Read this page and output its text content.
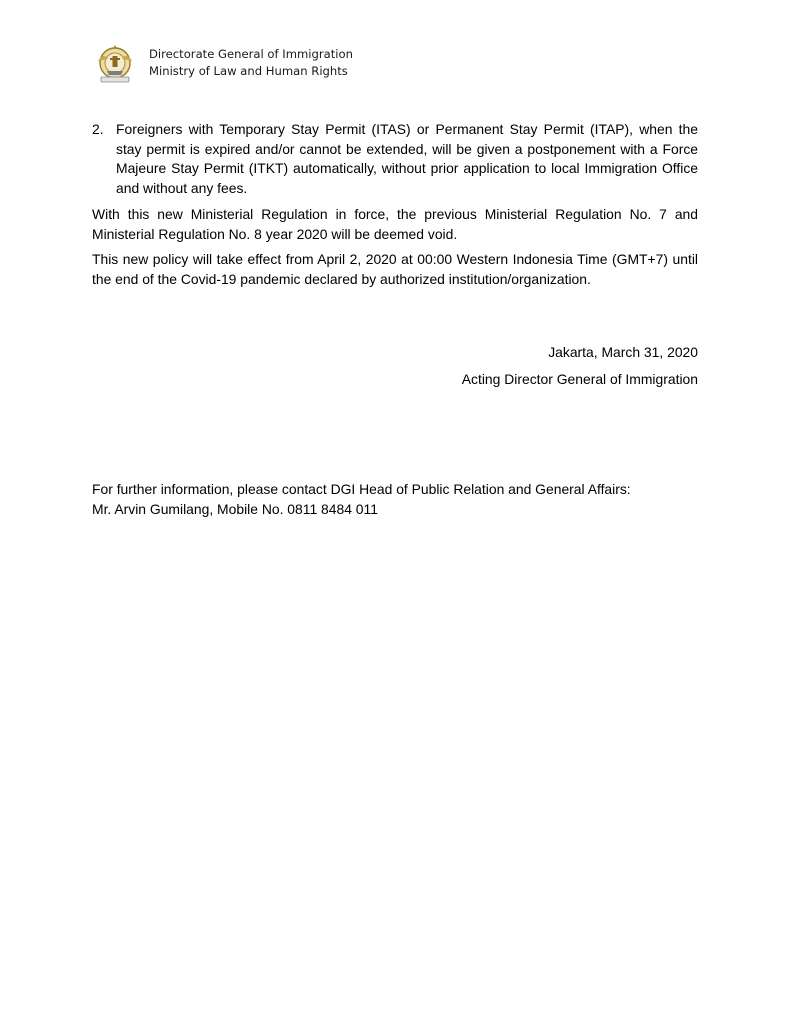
Directorate General of Immigration
Ministry of Law and Human Rights
2. Foreigners with Temporary Stay Permit (ITAS) or Permanent Stay Permit (ITAP), when the stay permit is expired and/or cannot be extended, will be given a postponement with a Force Majeure Stay Permit (ITKT) automatically, without prior application to local Immigration Office and without any fees.
With this new Ministerial Regulation in force, the previous Ministerial Regulation No. 7 and Ministerial Regulation No. 8 year 2020 will be deemed void.
This new policy will take effect from April 2, 2020 at 00:00 Western Indonesia Time (GMT+7) until the end of the Covid-19 pandemic declared by authorized institution/organization.
Jakarta, March 31, 2020
Acting Director General of Immigration
For further information, please contact DGI Head of Public Relation and General Affairs:
Mr. Arvin Gumilang, Mobile No. 0811 8484 011
